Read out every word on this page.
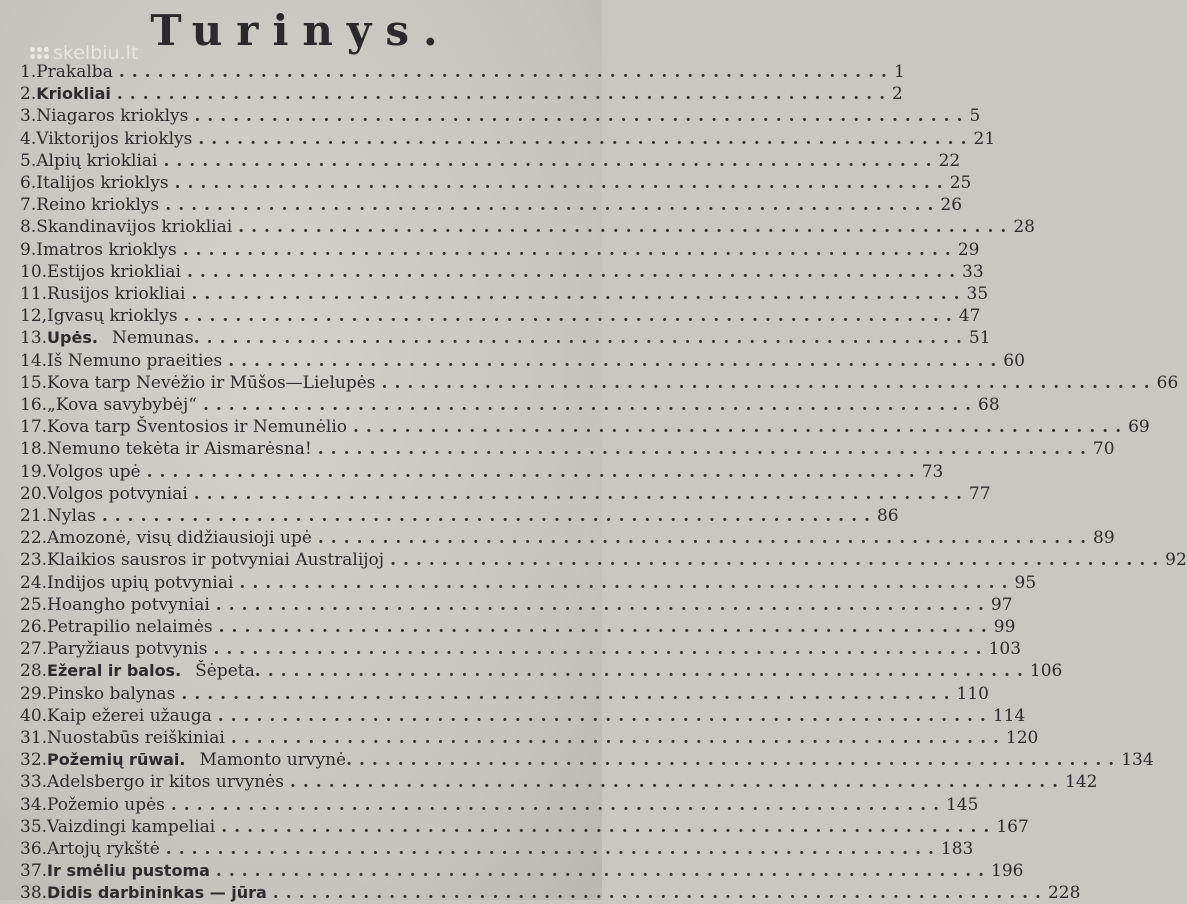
Turinys.
skelbiu.lt
1. Prakalba ............................................................ 1
2. Kriokliai ............................................................ 2
3. Niagaros krioklys ............................................................ 5
4. Viktorijos krioklys ............................................................ 21
5. Alpių kriokliai ............................................................ 22
6. Italijos krioklys ............................................................ 25
7. Reino krioklys ............................................................ 26
8. Skandinavijos kriokliai ............................................................ 28
9. Imatros krioklys ............................................................ 29
10. Estijos kriokliai ............................................................ 33
11. Rusijos kriokliai ............................................................ 35
12, Igvasų krioklys ............................................................ 47
13. Upės. Nemunas ............................................................ 51
14. Iš Nemuno praeities ............................................................ 60
15. Kova tarp Nevėžio ir Mūšos—Lielupės ............................................................ 66
16. „Kova savybybėj“ ............................................................ 68
17. Kova tarp Šventosios ir Nemunėlio ............................................................ 69
18. Nemuno tekėta ir Aismarėsna! ............................................................ 70
19. Volgos upė ............................................................ 73
20. Volgos potvyniai ............................................................ 77
21. Nylas ............................................................ 86
22. Amozonė, visų didžiausioji upė ............................................................ 89
23. Klaikios sausros ir potvyniai Australijoj ............................................................ 92
24. Indijos upių potvyniai ............................................................ 95
25. Hoangho potvyniai ............................................................ 97
26. Petrapilio nelaimės ............................................................ 99
27. Paryžiaus potvynis ............................................................ 103
28. Ežeral ir balos. Šėpeta ............................................................ 106
29. Pinsko balynas ............................................................ 110
40. Kaip ežerei užauga ............................................................ 114
31. Nuostabūs reiškiniai ............................................................ 120
32. Požemių rūwai. Mamonto urvynė ............................................................ 134
33. Adelsbergo ir kitos urvynės ............................................................ 142
34. Požemio upės ............................................................ 145
35. Vaizdingi kampeliai ............................................................ 167
36. Artojų rykštė ............................................................ 183
37. Ir smėliu pustoma ............................................................ 196
38. Didis darbininkas — jūra ............................................................ 228
